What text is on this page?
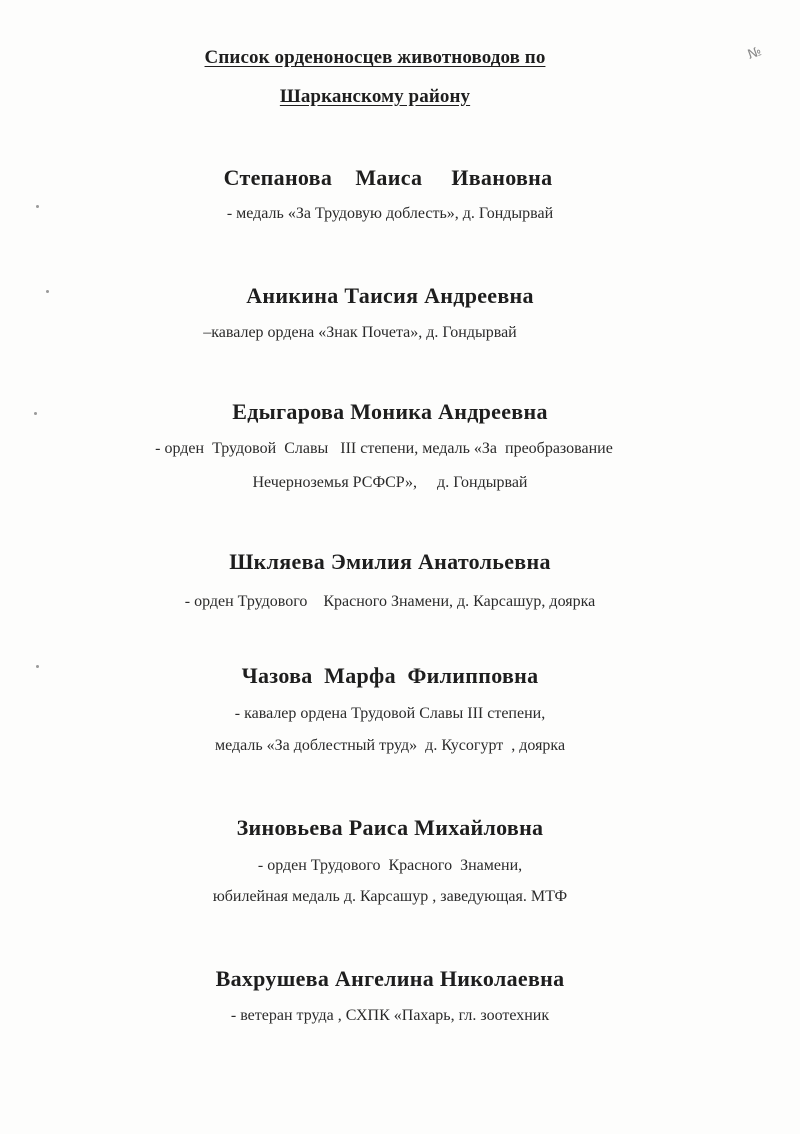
№
Список орденоносцев животноводов по
Шарканскому району
Степанова    Маиса     Ивановна
- медаль «За Трудовую доблесть», д. Гондырвай
Аникина Таисия Андреевна
–кавалер ордена «Знак Почета», д. Гондырвай
Едыгарова Моника Андреевна
- орден  Трудовой  Славы   III степени, медаль «За  преобразование
Нечерноземья РСФСР»,     д. Гондырвай
Шкляева Эмилия Анатольевна
- орден Трудового    Красного Знамени, д. Карсашур, доярка
Чазова  Марфа  Филипповна
- кавалер ордена Трудовой Славы III степени,
медаль «За доблестный труд»  д. Кусогурт  , доярка
Зиновьева Раиса Михайловна
- орден Трудового  Красного  Знамени,
юбилейная медаль д. Карсашур , заведующая. МТФ
Вахрушева Ангелина Николаевна
- ветеран труда , СХПК «Пахарь, гл. зоотехник
